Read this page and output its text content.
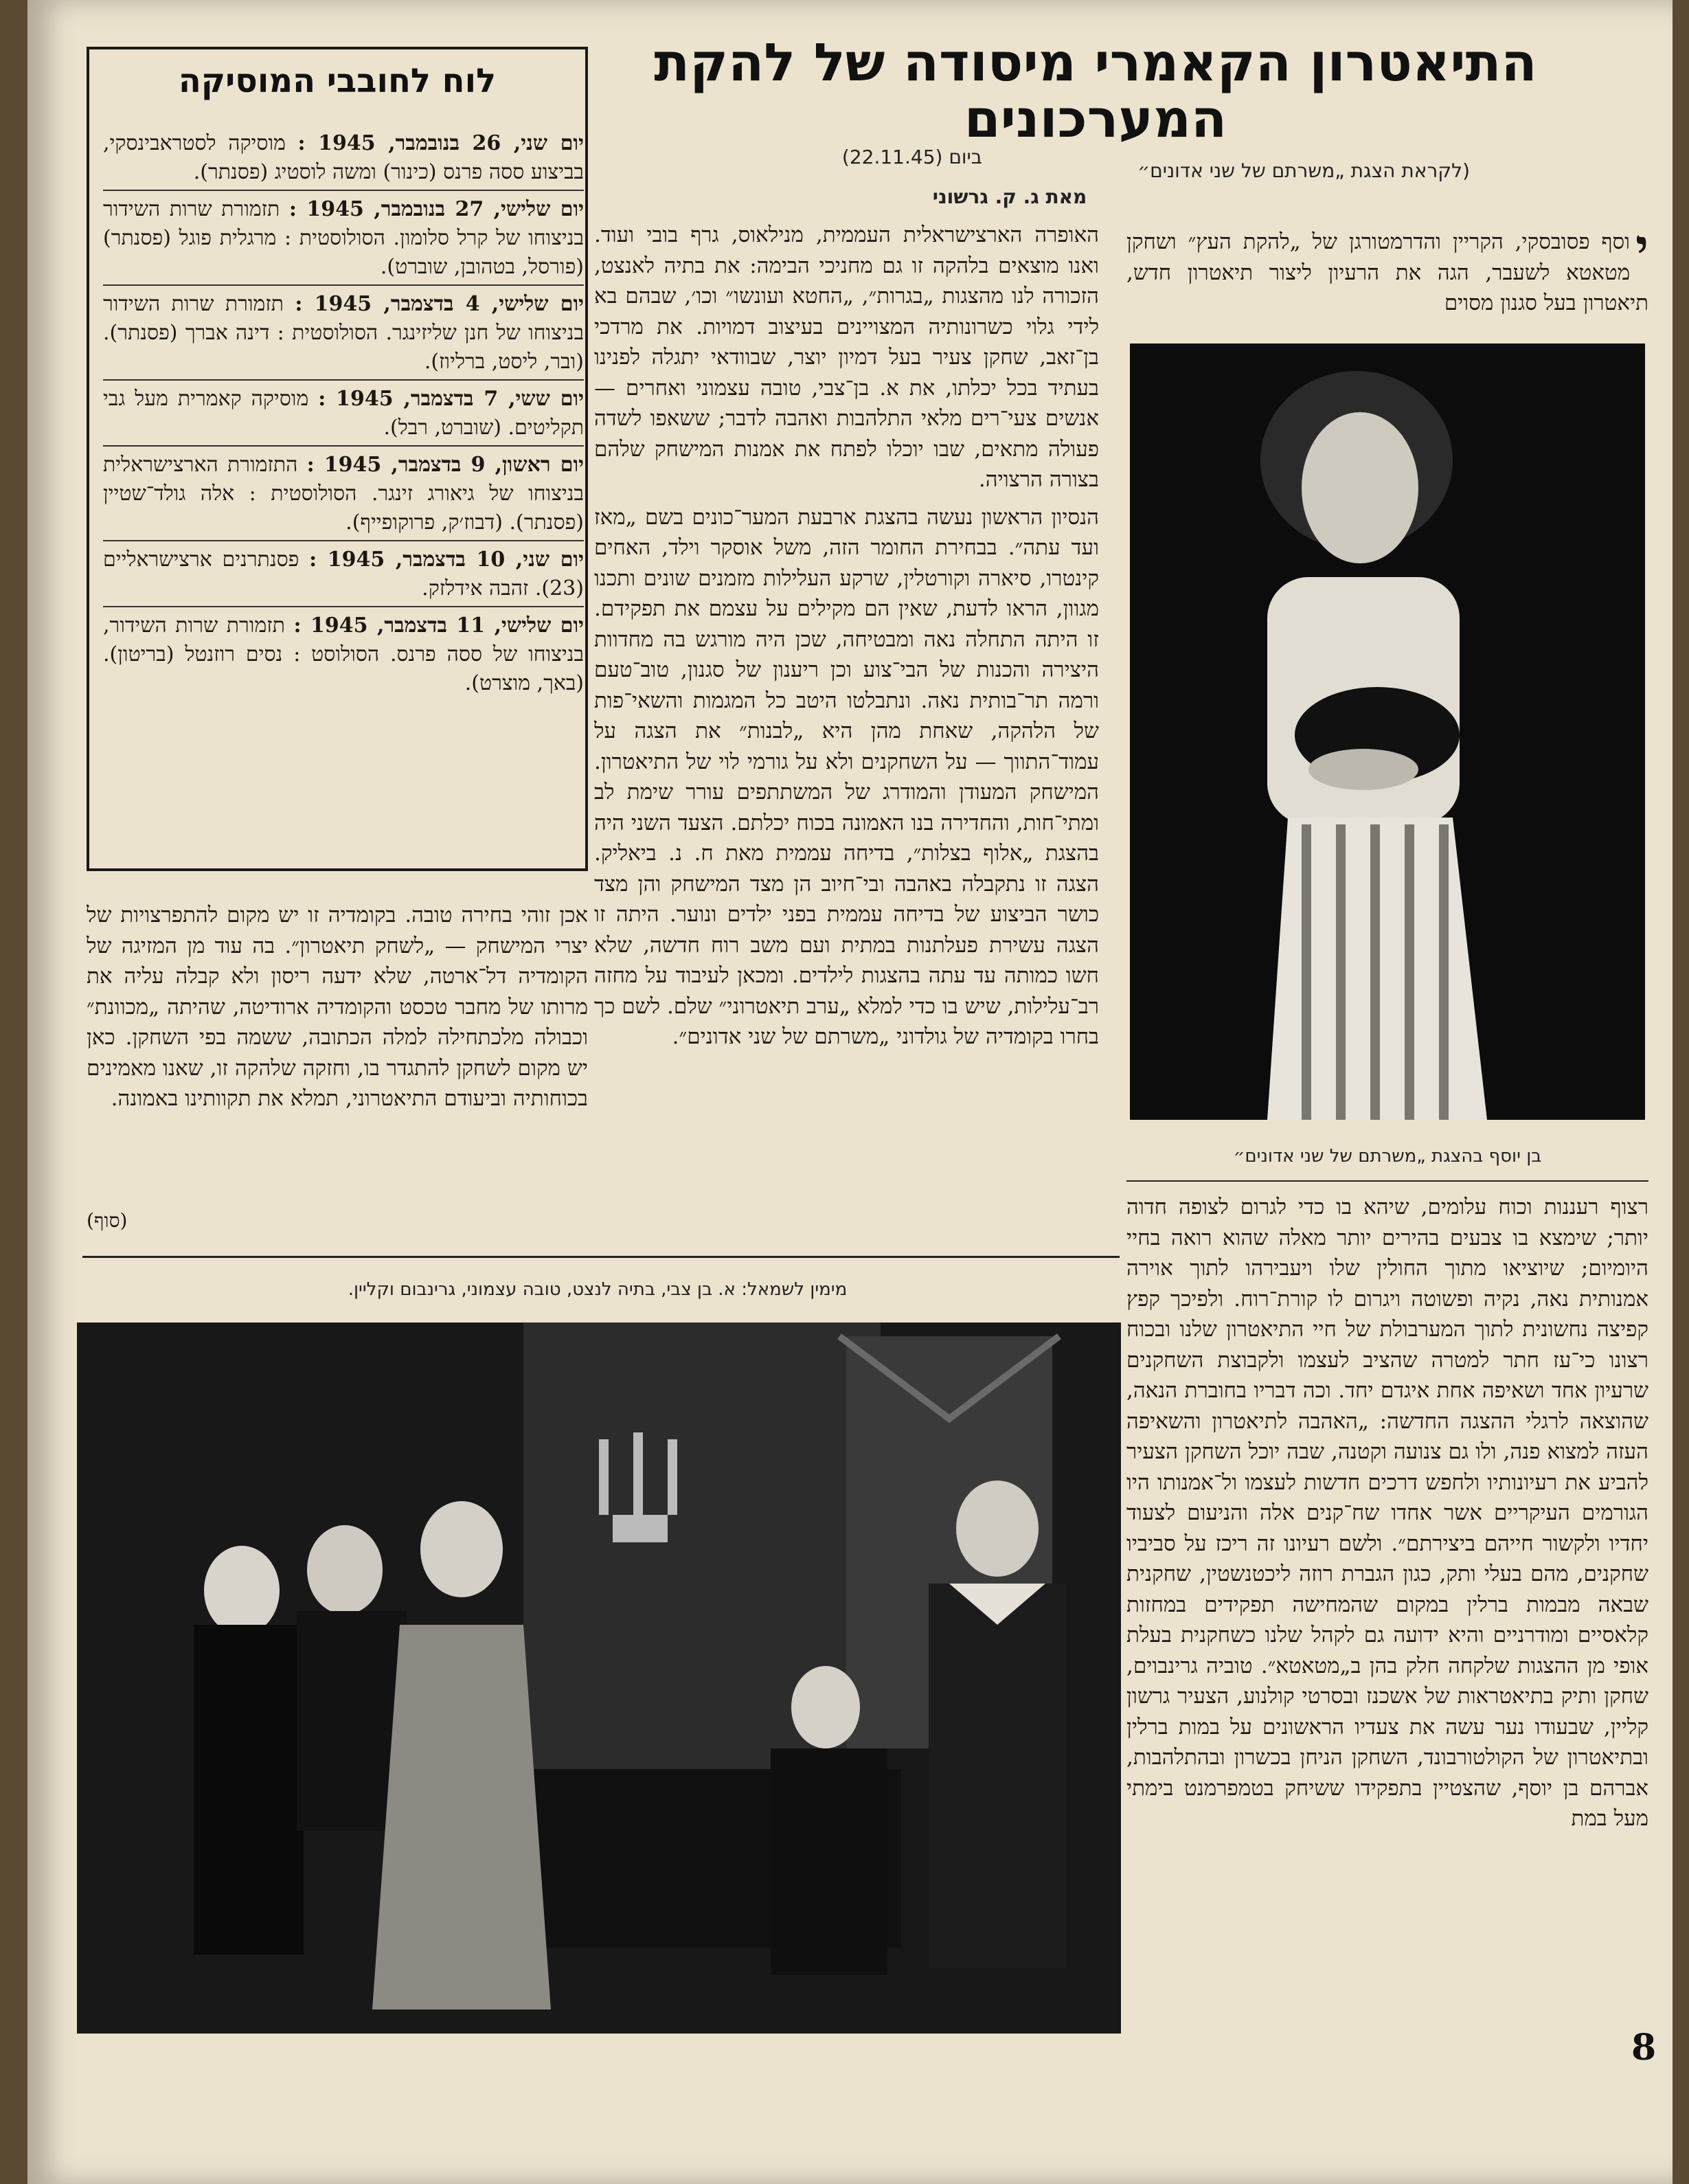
התיאטרון הקאמרי מיסודה של להקת המערכונים
(לקראת הצגת „משרתם של שני אדונים״
ביום (22.11.45)
מאת ג. ק. גרשוני
לוח לחובבי המוסיקה
יום שני, 26 בנובמבר, 1945 : מוסיקה לסטראבינסקי, בביצוע ססה פרנס (כינור) ומשה לוסטיג (פסנתר).
יום שלישי, 27 בנובמבר, 1945 : תזמורת שרות השידור בניצוחו של קרל סלומון. הסולוסטית : מרגלית פוגל (פסנתר) (פורסל, בטהובן, שוברט).
יום שלישי, 4 בדצמבר, 1945 : תזמורת שרות השידור בניצוחו של חנן שליזינגר. הסולוסטית : דינה אברך (פסנתר). (ובר, ליסט, ברליוז).
יום ששי, 7 בדצמבר, 1945 : מוסיקה קאמרית מעל גבי תקליטים. (שוברט, רבל).
יום ראשון, 9 בדצמבר, 1945 : התזמורת הארצישראלית בניצוחו של גיאורג זינגר. הסולוסטית : אלה גולד־שטיין (פסנתר). (דבוז׳ק, פרוקופייף).
יום שני, 10 בדצמבר, 1945 : פסנתרנים ארצישראליים (23). זהבה אידלזק.
יום שלישי, 11 בדצמבר, 1945 : תזמורת שרות השידור, בניצוחו של ססה פרנס. הסולוסט : נסים רוזנטל (בריטון). (באך, מוצרט).
י
וסף פסובסקי, הקריין והדרמטורגן של „להקת העץ״ ושחקן מטאטא לשעבר, הגה את הרעיון ליצור תיאטרון חדש, תיאטרון בעל סגנון מסוים
בן יוסף בהצגת „משרתם של שני אדונים״
רצוף רעננות וכוח עלומים, שיהא בו כדי לגרום לצופה חדוה יותר; שימצא בו צבעים בהירים יותר מאלה שהוא רואה בחיי היומיום; שיוציאו מתוך החולין שלו ויעבירהו לתוך אוירה אמנותית נאה, נקיה ופשוטה ויגרום לו קורת־רוח. ולפיכך קפץ קפיצה נחשונית לתוך המערבולת של חיי התיאטרון שלנו ובכוח רצונו כי־עז חתר למטרה שהציב לעצמו ולקבוצת השחקנים שרעיון אחד ושאיפה אחת איגדם יחד. וכה דבריו בחוברת הנאה, שהוצאה לרגלי ההצגה החדשה: „האהבה לתיאטרון והשאיפה העזה למצוא פנה, ולו גם צנועה וקטנה, שבה יוכל השחקן הצעיר להביע את רעיונותיו ולחפש דרכים חדשות לעצמו ול־אמנותו היו הגורמים העיקריים אשר אחדו שח־קנים אלה והניעום לצעוד יחדיו ולקשור חייהם ביצירתם״. ולשם רעיונו זה ריכז על סביביו שחקנים, מהם בעלי ותק, כגון הגברת רוזה ליכטנשטין, שחקנית שבאה מבמות ברלין במקום שהמחישה תפקידים במחזות קלאסיים ומודרניים והיא ידועה גם לקהל שלנו כשחקנית בעלת אופי מן ההצגות שלקחה חלק בהן ב„מטאטא״. טוביה גרינבוים, שחקן ותיק בתיאטראות של אשכנז ובסרטי קולנוע, הצעיר גרשון קליין, שבעודו נער עשה את צעדיו הראשונים על במות ברלין ובתיאטרון של הקולטורבונד, השחקן הניחן בכשרון ובהתלהבות, אברהם בן יוסף, שהצטיין בתפקידו ששיחק בטמפרמנט בימתי מעל במת

האופרה הארצישראלית העממית, מנילאוס, גרף בובי ועוד. ואנו מוצאים בלהקה זו גם מחניכי הבימה: את בתיה לאנצט, הזכורה לנו מהצגות „בגרות״, „החטא ועונשו״ וכו׳, שבהם בא לידי גלוי כשרונותיה המצויינים בעיצוב דמויות. את מרדכי בן־זאב, שחקן צעיר בעל דמיון יוצר, שבוודאי יתגלה לפנינו בעתיד בכל יכלתו, את א. בן־צבי, טובה עצמוני ואחרים — אנשים צעי־רים מלאי התלהבות ואהבה לדבר; ששאפו לשדה פעולה מתאים, שבו יוכלו לפתח את אמנות המישחק שלהם בצורה הרצויה.

הנסיון הראשון נעשה בהצגת ארבעת המער־כונים בשם „מאז ועד עתה״. בבחירת החומר הזה, משל אוסקר וילד, האחים קינטרו, סיארה וקורטלין, שרקע העלילות מזמנים שונים ותכנו מגוון, הראו לדעת, שאין הם מקילים על עצמם את תפקידם. זו היתה התחלה נאה ומבטיחה, שכן היה מורגש בה מחדוות היצירה והכנות של הבי־צוע וכן ריענון של סגנון, טוב־טעם ורמה תר־בותית נאה. ונתבלטו היטב כל המגמות והשאי־פות של הלהקה, שאחת מהן היא „לבנות״ את הצגה על עמוד־התווך — על השחקנים ולא על גורמי לוי של התיאטרון. המישחק המעודן והמודרג של המשתתפים עורר שימת לב ומתי־חות, והחדירה בנו האמונה בכוח יכלתם. הצעד השני היה בהצגת „אלוף בצלות״, בדיחה עממית מאת ח. נ. ביאליק. הצגה זו נתקבלה באהבה ובי־חיוב הן מצד המישחק והן מצד כושר הביצוע של בדיחה עממית בפני ילדים ונוער. היתה זו הצגה עשירת פעלתנות במתית ועם משב רוח חדשה, שלא חשו כמותה עד עתה בהצגות לילדים. ומכאן לעיבוד על מחזה רב־עלילות, שיש בו כדי למלא „ערב תיאטרוני״ שלם. לשם כך בחרו בקומדיה של גולדוני „משרתם של שני אדונים״.

אכן זוהי בחירה טובה. בקומדיה זו יש מקום להתפרצויות של יצרי המישחק — „לשחק תיאטרון״. בה עוד מן המזיגה של הקומדיה דל־ארטה, שלא ידעה ריסון ולא קבלה עליה את מרותו של מחבר טכסט והקומדיה ארודיטה, שהיתה „מכוונת״ וכבולה מלכתחילה למלה הכתובה, ששמה בפי השחקן. כאן יש מקום לשחקן להתגדר בו, וחזקה שלהקה זו, שאנו מאמינים בכוחותיה וביעודם התיאטרוני, תמלא את תקוותינו באמונה.
(סוף)
מימין לשמאל: א. בן צבי, בתיה לנצט, טובה עצמוני, גרינבום וקליין.
8
